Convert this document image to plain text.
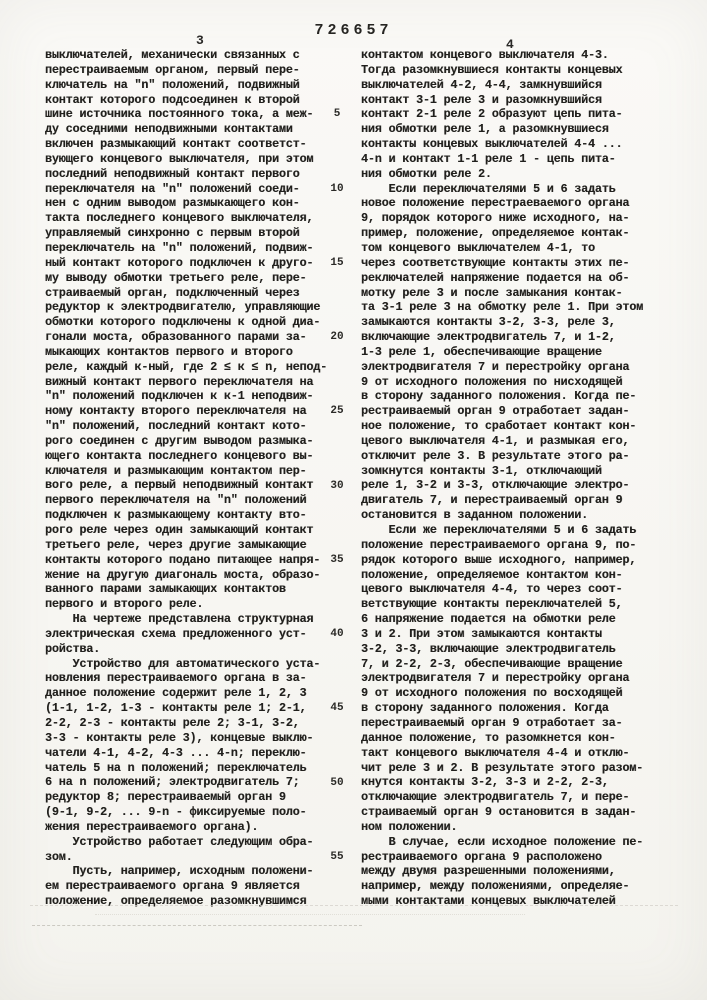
726657
3	4
выключателей, механически связанных с
перестраиваемым органом, первый пере-
ключатель на "n" положений, подвижный
контакт которого подсоединен к второй
шине источника постоянного тока, а меж-
ду соседними неподвижными контактами
включен размыкающий контакт соответст-
вующего концевого выключателя, при этом
последний неподвижный контакт первого
переключателя на "n" положений соеди-
нен с одним выводом размыкающего кон-
такта последнего концевого выключателя,
управляемый синхронно с первым второй
переключатель на "n" положений, подвиж-
ный контакт которого подключен к друго-
му выводу обмотки третьего реле, пере-
страиваемый орган, подключенный через
редуктор к электродвигателю, управляющие
обмотки которого подключены к одной диа-
гонали моста, образованного парами за-
мыкающих контактов первого и второго
реле, каждый к-ный, где 2 ≤ к ≤ n, непод-
вижный контакт первого переключателя на
"n" положений подключен к к-1 неподвиж-
ному контакту второго переключателя на
"n" положений, последний контакт кото-
рого соединен с другим выводом размыка-
ющего контакта последнего концевого вы-
ключателя и размыкающим контактом пер-
вого реле, а первый неподвижный контакт
первого переключателя на "n" положений
подключен к размыкающему контакту вто-
рого реле через один замыкающий контакт
третьего реле, через другие замыкающие
контакты которого подано питающее напря-
жение на другую диагональ моста, образо-
ванного парами замыкающих контактов
первого и второго реле.
На чертеже представлена структурная
электрическая схема предложенного уст-
ройства.
Устройство для автоматического уста-
новления перестраиваемого органа в за-
данное положение содержит реле 1, 2, 3
(1-1, 1-2, 1-3 - контакты реле 1; 2-1,
2-2, 2-3 - контакты реле 2; 3-1, 3-2,
3-3 - контакты реле 3), концевые выклю-
чатели 4-1, 4-2, 4-3 ... 4-n; переклю-
чатель 5 на n положений; переключатель
6 на n положений; электродвигатель 7;
редуктор 8; перестраиваемый орган 9
(9-1, 9-2, ... 9-n - фиксируемые поло-
жения перестраиваемого органа).
Устройство работает следующим обра-
зом.
Пусть, например, исходным положени-
ем перестраиваемого органа 9 является
положение, определяемое разомкнувшимся
5
10
15
20
25
30
35
40
45
50
55
контактом концевого выключателя 4-3.
Тогда разомкнувшиеся контакты концевых
выключателей 4-2, 4-4, замкнувшийся
контакт 3-1 реле 3 и разомкнувшийся
контакт 2-1 реле 2 образуют цепь пита-
ния обмотки реле 1, а разомкнувшиеся
контакты концевых выключателей 4-4 ...
4-n и контакт 1-1 реле 1 - цепь пита-
ния обмотки реле 2.
Если переключателями 5 и 6 задать
новое положение перестраеваемого органа
9, порядок которого ниже исходного, на-
пример, положение, определяемое контак-
том концевого выключателем 4-1, то
через соответствующие контакты этих пе-
реключателей напряжение подается на об-
мотку реле 3 и после замыкания контак-
та 3-1 реле 3 на обмотку реле 1. При этом
замыкаются контакты 3-2, 3-3, реле 3,
включающие электродвигатель 7, и 1-2,
1-3 реле 1, обеспечивающие вращение
электродвигателя 7 и перестройку органа
9 от исходного положения по нисходящей
в сторону заданного положения. Когда пе-
рестраиваемый орган 9 отработает задан-
ное положение, то сработает контакт кон-
цевого выключателя 4-1, и размыкая его,
отключит реле 3. В результате этого ра-
зомкнутся контакты 3-1, отключающий
реле 1, 3-2 и 3-3, отключающие электро-
двигатель 7, и перестраиваемый орган 9
остановится в заданном положении.
Если же переключателями 5 и 6 задать
положение перестраиваемого органа 9, по-
рядок которого выше исходного, например,
положение, определяемое контактом кон-
цевого выключателя 4-4, то через соот-
ветствующие контакты переключателей 5,
6 напряжение подается на обмотки реле
3 и 2. При этом замыкаются контакты
3-2, 3-3, включающие электродвигатель
7, и 2-2, 2-3, обеспечивающие вращение
электродвигателя 7 и перестройку органа
9 от исходного положения по восходящей
в сторону заданного положения. Когда
перестраиваемый орган 9 отработает за-
данное положение, то разомкнется кон-
такт концевого выключателя 4-4 и отклю-
чит реле 3 и 2. В результате этого разом-
кнутся контакты 3-2, 3-3 и 2-2, 2-3,
отключающие электродвигатель 7, и пере-
страиваемый орган 9 остановится в задан-
ном положении.
В случае, если исходное положение пе-
рестраиваемого органа 9 расположено
между двумя разрешенными положениями,
например, между положениями, определяе-
мыми контактами концевых выключателей
